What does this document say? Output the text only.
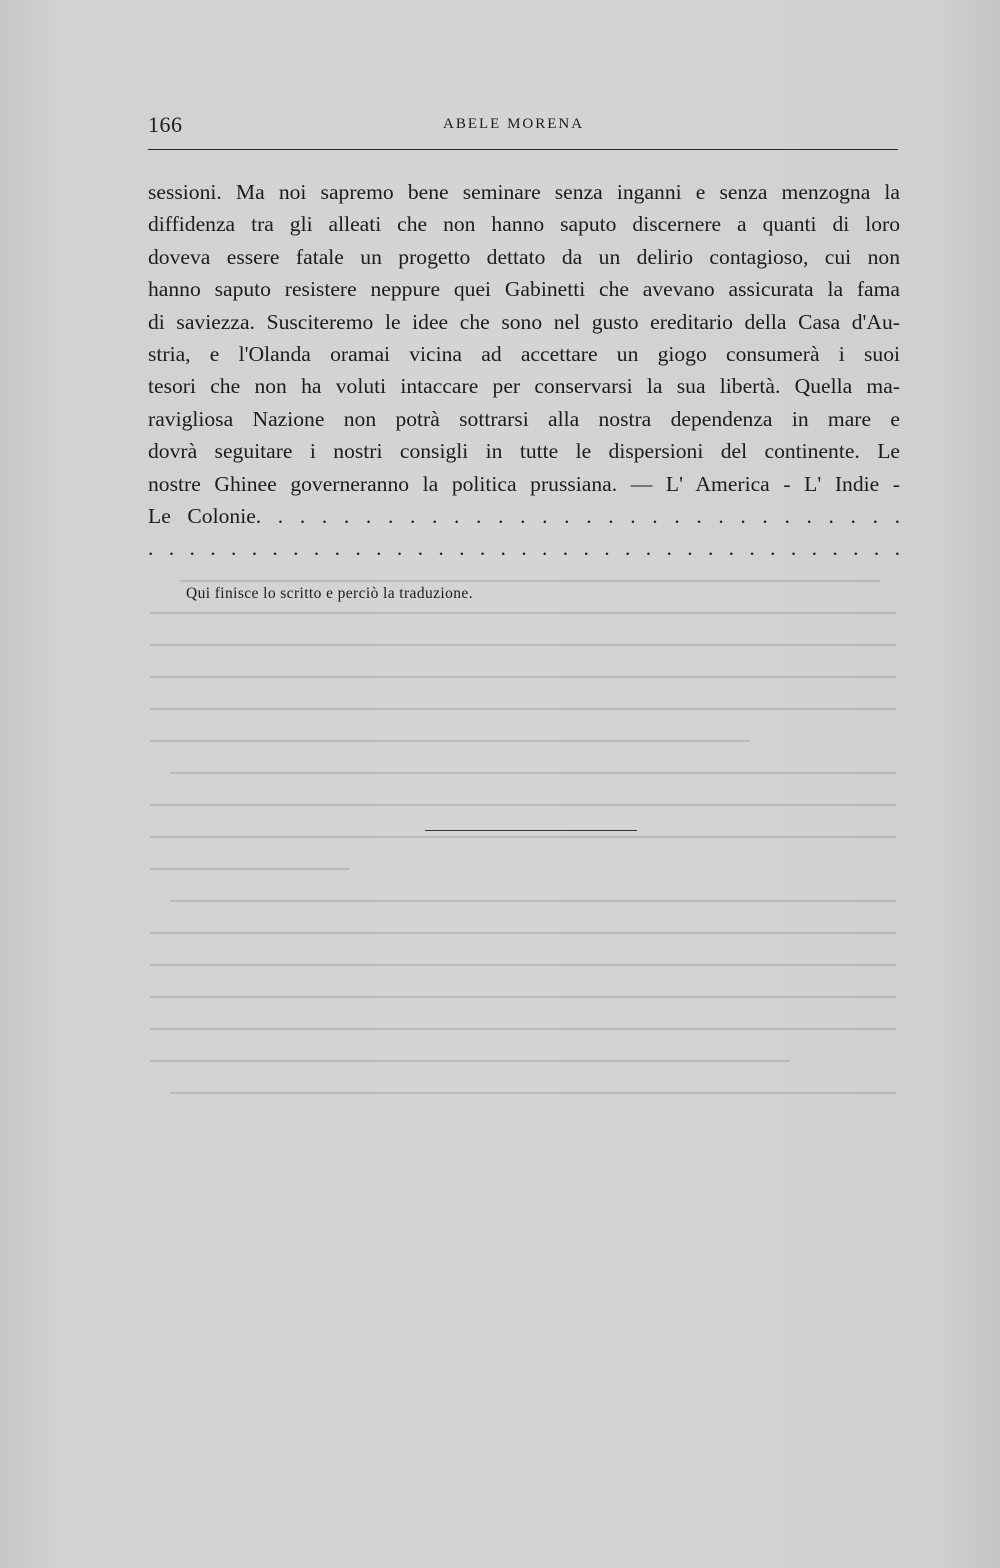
166	ABELE MORENA
sessioni. Ma noi sapremo bene seminare senza inganni e senza menzogna la
diffidenza tra gli alleati che non hanno saputo discernere a quanti di loro
doveva essere fatale un progetto dettato da un delirio contagioso, cui non
hanno saputo resistere neppure quei Gabinetti che avevano assicurata la fama
di saviezza. Susciteremo le idee che sono nel gusto ereditario della Casa d'Au-
stria, e l'Olanda oramai vicina ad accettare un giogo consumerà i suoi
tesori che non ha voluti intaccare per conservarsi la sua libertà. Quella ma-
ravigliosa Nazione non potrà sottrarsi alla nostra dependenza in mare e
dovrà seguitare i nostri consigli in tutte le dispersioni del continente. Le
nostre Ghinee governeranno la politica prussiana. — L' America - L' Indie -
Le Colonie. . . . . . . . . . . . . . . . . . . . . . . . . . . . . .
. . . . . . . . . . . . . . . . . . . . . . . . . . . . . . . . . . . . .
Qui finisce lo scritto e perciò la traduzione.
